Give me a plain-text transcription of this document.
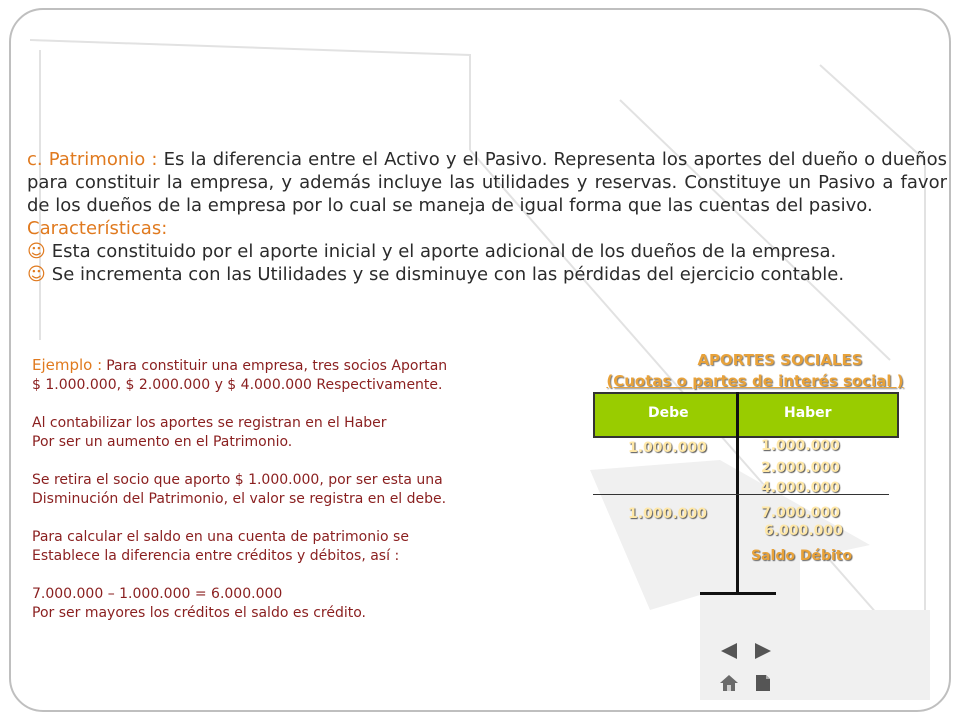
c. Patrimonio : Es la diferencia entre el Activo y el Pasivo. Representa los aportes del dueño o dueños para constituir la empresa, y además incluye las utilidades y reservas. Constituye un Pasivo a favor de los dueños de la empresa por lo cual se maneja de igual forma que las cuentas del pasivo.

Características:

☺ Esta constituido por el aporte inicial y el aporte adicional de los dueños de la empresa.

☺ Se incrementa con las Utilidades y se disminuye con las pérdidas del ejercicio contable.

Ejemplo : Para constituir una empresa, tres socios Aportan
$ 1.000.000, $ 2.000.000 y $ 4.000.000 Respectivamente.
Al contabilizar los aportes se registran en el Haber
Por ser un aumento en el Patrimonio.
Se retira el socio que aporto $ 1.000.000, por ser esta una
Disminución del Patrimonio, el valor se registra en el debe.
Para calcular el saldo en una cuenta de patrimonio se
Establece la diferencia entre créditos y débitos, así :
7.000.000 – 1.000.000 = 6.000.000
Por ser mayores los créditos el saldo es crédito.
APORTES SOCIALES
(Cuotas o partes de interés social )
Debe	Haber
1.000.000
1.000.000
1.000.000
2.000.000
4.000.000
7.000.000
6.000.000
Saldo Débito
